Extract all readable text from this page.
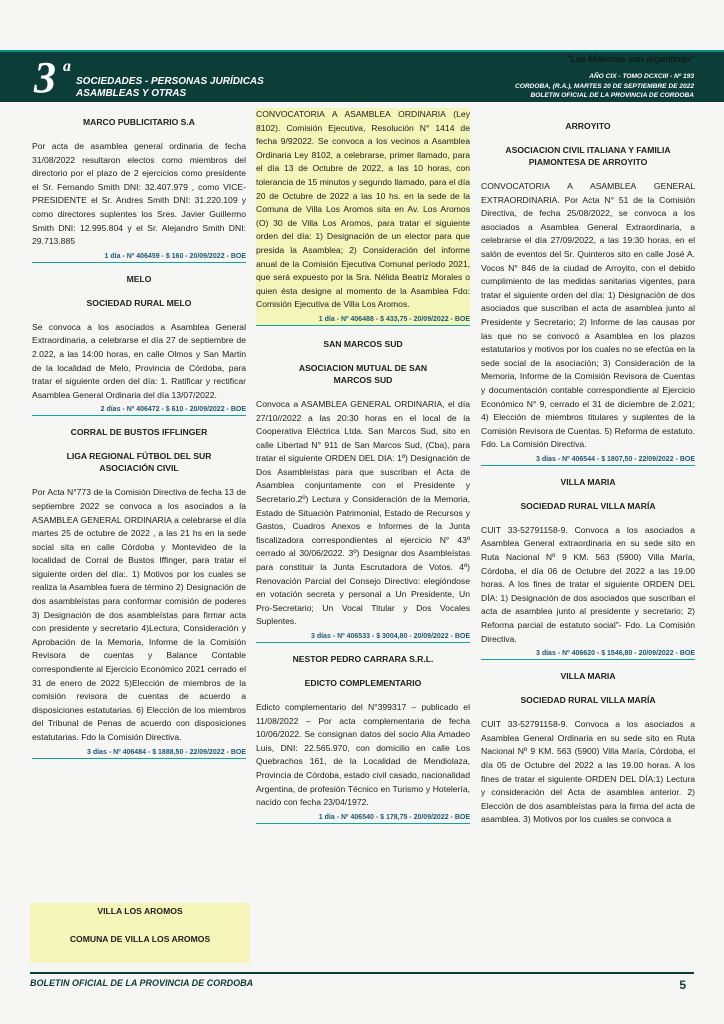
3 a
SOCIEDADES - PERSONAS JURÍDICAS
ASAMBLEAS Y OTRAS
AÑO CIX - TOMO DCXCIII - Nº 193
CORDOBA, (R.A.), MARTES 20 DE SEPTIEMBRE DE 2022
BOLETIN OFICIAL DE LA PROVINCIA DE CORDOBA
"Las Malvinas son argentinas"
MARCO PUBLICITARIO S.A
Por acta de asamblea general ordinaria de fecha 31/08/2022 resultaron electos como miembros del directorio por el plazo de 2 ejercicios como presidente el Sr. Fernando Smith DNI: 32.407.979 , como VICE-PRESIDENTE el Sr. Andres Smith DNI: 31.220.109 y como directores suplentes los Sres. Javier Guillermo Smith DNI: 12.995.804 y el Sr. Alejandro Smith DNI: 29.713.885
1 día - Nº 406459 - $ 160 - 20/09/2022 - BOE
MELO
SOCIEDAD RURAL MELO
Se convoca a los asociados a Asamblea General Extraordinaria, a celebrarse el día 27 de septiembre de 2.022, a las 14:00 horas, en calle Olmos y San Martin de la localidad de Melo, Provincia de Córdoba, para tratar el siguiente orden del día: 1. Ratificar y rectificar Asamblea General Ordinaria del día 13/07/2022.
2 días - Nº 406472 - $ 610 - 20/09/2022 - BOE
CORRAL DE BUSTOS IFFLINGER
LIGA REGIONAL FÚTBOL DEL SUR ASOCIACIÓN CIVIL
Por Acta N°773 de la Comisión Directiva de fecha 13 de septiembre 2022 se convoca a los asociados a la ASAMBLEA GENERAL ORDINARIA a celebrarse el día martes 25 de octubre de 2022 , a las 21 hs en la sede social sita en calle Córdoba y Montevideo de la localidad de Corral de Bustos Iffinger, para tratar el siguiente orden del día:. 1) Motivos por los cuales se realiza la Asamblea fuera de término 2) Designación de dos asambleístas para conformar comisión de poderes 3) Designación de dos asambleístas para firmar acta con presidente y secretario 4)Lectura, Consideración y Aprobación de la Memoria, Informe de la Comisión Revisora de cuentas y Balance Contable correspondiente al Ejercicio Económico 2021 cerrado el 31 de enero de 2022 5)Elección de miembros de la comisión revisora de cuentas de acuerdo a disposiciones estatutarias. 6) Elección de los miembros del Tribunal de Penas de acuerdo con disposiciones estatutarias. Fdo la Comisión Directiva.
3 días - Nº 406484 - $ 1888,50 - 22/09/2022 - BOE
VILLA LOS AROMOS
COMUNA DE VILLA LOS AROMOS
CONVOCATORIA A ASAMBLEA ORDINARIA (Ley 8102). Comisión Ejecutiva, Resolución N° 1414 de fecha 9/92022. Se convoca a los vecinos a Asamblea Ordinaria Ley 8102, a celebrarse, primer llamado, para el día 13 de Octubre de 2022, a las 10 horas, con tolerancia de 15 minutos y segundo llamado, para el día 20 de Octubre de 2022 a las 10 hs. en la sede de la Comuna de Villa Los Aromos sita en Av. Los Aromos (O) 30 de Villa Los Aromos, para tratar el siguiente orden del día: 1) Designación de un elector para que presida la Asamblea; 2) Consideración del informe anual de la Comisión Ejecutiva Comunal período 2021, que será expuesto por la Sra. Nélida Beatriz Morales o quien ésta designe al momento de la Asamblea Fdo: Comisión Ejecutiva de Villa Los Aromos.
1 día - Nº 406488 - $ 433,75 - 20/09/2022 - BOE
SAN MARCOS SUD
ASOCIACION MUTUAL DE SAN MARCOS SUD
Convoca a ASAMBLEA GENERAL ORDINARIA, el día 27/10//2022 a las 20:30 horas en el local de la Cooperativa Eléctrica Ltda. San Marcos Sud, sito en calle Libertad N° 911 de San Marcos Sud, (Cba), para tratar el siguiente ORDEN DEL DIA: 1º) Designación de Dos Asambleístas para que suscriban el Acta de Asamblea conjuntamente con el Presidente y Secretario.2º) Lectura y Consideración de la Memoria, Estado de Situación Patrimonial, Estado de Recursos y Gastos, Cuadros Anexos e Informes de la Junta fiscalizadora correspondientes al ejercicio N° 43º cerrado al 30/06/2022. 3º) Designar dos Asambleístas para constituir la Junta Escrutadora de Votos. 4º) Renovación Parcial del Consejo Directivo: elegióndose en votación secreta y personal a Un Presidente, Un Pro-Secretario; Un Vocal Titular y Dos Vocales Suplentes.
3 días - Nº 406533 - $ 3004,80 - 20/09/2022 - BOE
NESTOR PEDRO CARRARA S.R.L.
EDICTO COMPLEMENTARIO
Edicto complementario del N°399317 – publicado el 11/08/2022 – Por acta complementaria de fecha 10/06/2022. Se consignan datos del socio Alia Amadeo Luis, DNI: 22.565.970, con domicilio en calle Los Quebrachos 161, de la Localidad de Mendiolaza, Provincia de Córdoba, estado civil casado, nacionalidad Argentina, de profesión Técnico en Turismo y Hotelería, nacido con fecha 23/04/1972.
1 día - Nº 406540 - $ 178,75 - 20/09/2022 - BOE
ARROYITO
ASOCIACION CIVIL ITALIANA Y FAMILIA PIAMONTESA DE ARROYITO
CONVOCATORIA A ASAMBLEA GENERAL EXTRAORDINARIA. Por Acta N° 51 de la Comisión Directiva, de fecha 25/08/2022, se convoca a los asociados a Asamblea General Extraordinaria, a celebrarse el día 27/09/2022, a las 19:30 horas, en el salón de eventos del Sr. Quinteros sito en calle José A. Vocos N° 846 de la ciudad de Arroyito, con el debido cumplimiento de las medidas sanitarias vigentes, para tratar el siguiente orden del día: 1) Designación de dos asociados que suscriban el acta de asamblea junto al Presidente y Secretario; 2) Informe de las causas por las que no se convocó a Asamblea en los plazos estatutarios y motivos por los cuales no se efectúa en la sede social de la asociación; 3) Consideración de la Memoria, Informe de la Comisión Revisora de Cuentas y documentación contable correspondiente al Ejercicio Económico N° 9, cerrado el 31 de diciembre de 2.021; 4) Elección de miembros titulares y suplentes de la Comisión Revisora de Cuentas. 5) Reforma de estatuto. Fdo. La Comisión Directiva.
3 días - Nº 406544 - $ 1807,50 - 22/09/2022 - BOE
VILLA MARIA
SOCIEDAD RURAL VILLA MARÍA
CUIT 33-52791158-9. Convoca a los asociados a Asamblea General extraordinaria en su sede sito en Ruta Nacional Nº 9 KM. 563 (5900) Villa María, Córdoba, el día 06 de Octubre del 2022 a las 19.00 horas. A los fines de tratar el siguiente ORDEN DEL DÍA: 1) Designación de dos asociados que suscriban el acta de asamblea junto al presidente y secretario; 2) Reforma parcial de estatuto social"- Fdo. La Comisión Directiva.
3 días - Nº 406620 - $ 1546,80 - 20/09/2022 - BOE
VILLA MARIA
SOCIEDAD RURAL VILLA MARÍA
CUIT 33-52791158-9. Convoca a los asociados a Asamblea General Ordinaria en su sede sito en Ruta Nacional Nº 9 KM. 563 (5900) Villa María, Córdoba, el día 05 de Octubre del 2022 a las 19.00 horas. A los fines de tratar el siguiente ORDEN DEL DÍA:1) Lectura y consideración del Acta de asamblea anterior. 2) Elección de dos asambleístas para la firma del acta de asamblea. 3) Motivos por los cuales se convoca a
BOLETIN OFICIAL DE LA PROVINCIA DE CORDOBA	5
